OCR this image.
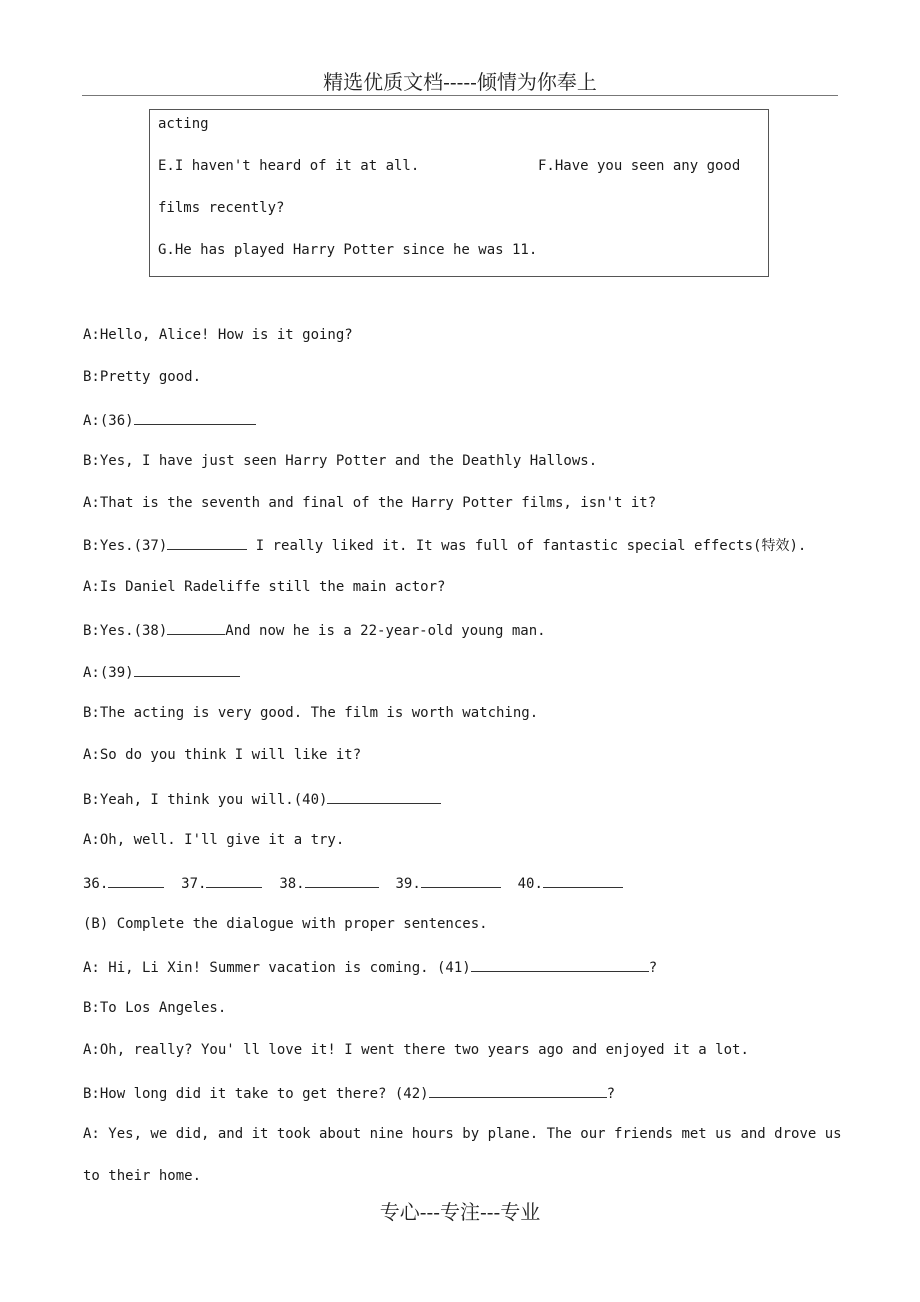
精选优质文档-----倾情为你奉上
acting
E.I haven't heard of it at all.	F.Have you seen any good
films recently?
G.He has played Harry Potter since he was 11.
A:Hello, Alice! How is it going?
B:Pretty good.
A:(36)
B:Yes, I have just seen Harry Potter and the Deathly Hallows.
A:That is the seventh and final of the Harry Potter films, isn't it?
B:Yes.(37)	I really liked it. It was full of fantastic special effects(特效).
A:Is Daniel Radeliffe still the main actor?
B:Yes.(38)	And now he is a 22-year-old young man.
A:(39)
B:The acting is very good. The film is worth watching.
A:So do you think I will like it?
B:Yeah, I think you will.(40)
A:Oh, well. I'll give it a try.
36.	37.	38.	39.	40.
(B) Complete the dialogue with proper sentences.
A: Hi, Li Xin! Summer vacation is coming. (41)	?
B:To Los Angeles.
A:Oh, really? You' ll love it! I went there two years ago and enjoyed it a lot.
B:How long did it take to get there? (42)	?
A: Yes, we did, and it took about nine hours by plane. The our friends met us and drove us
to their home.
专心---专注---专业
